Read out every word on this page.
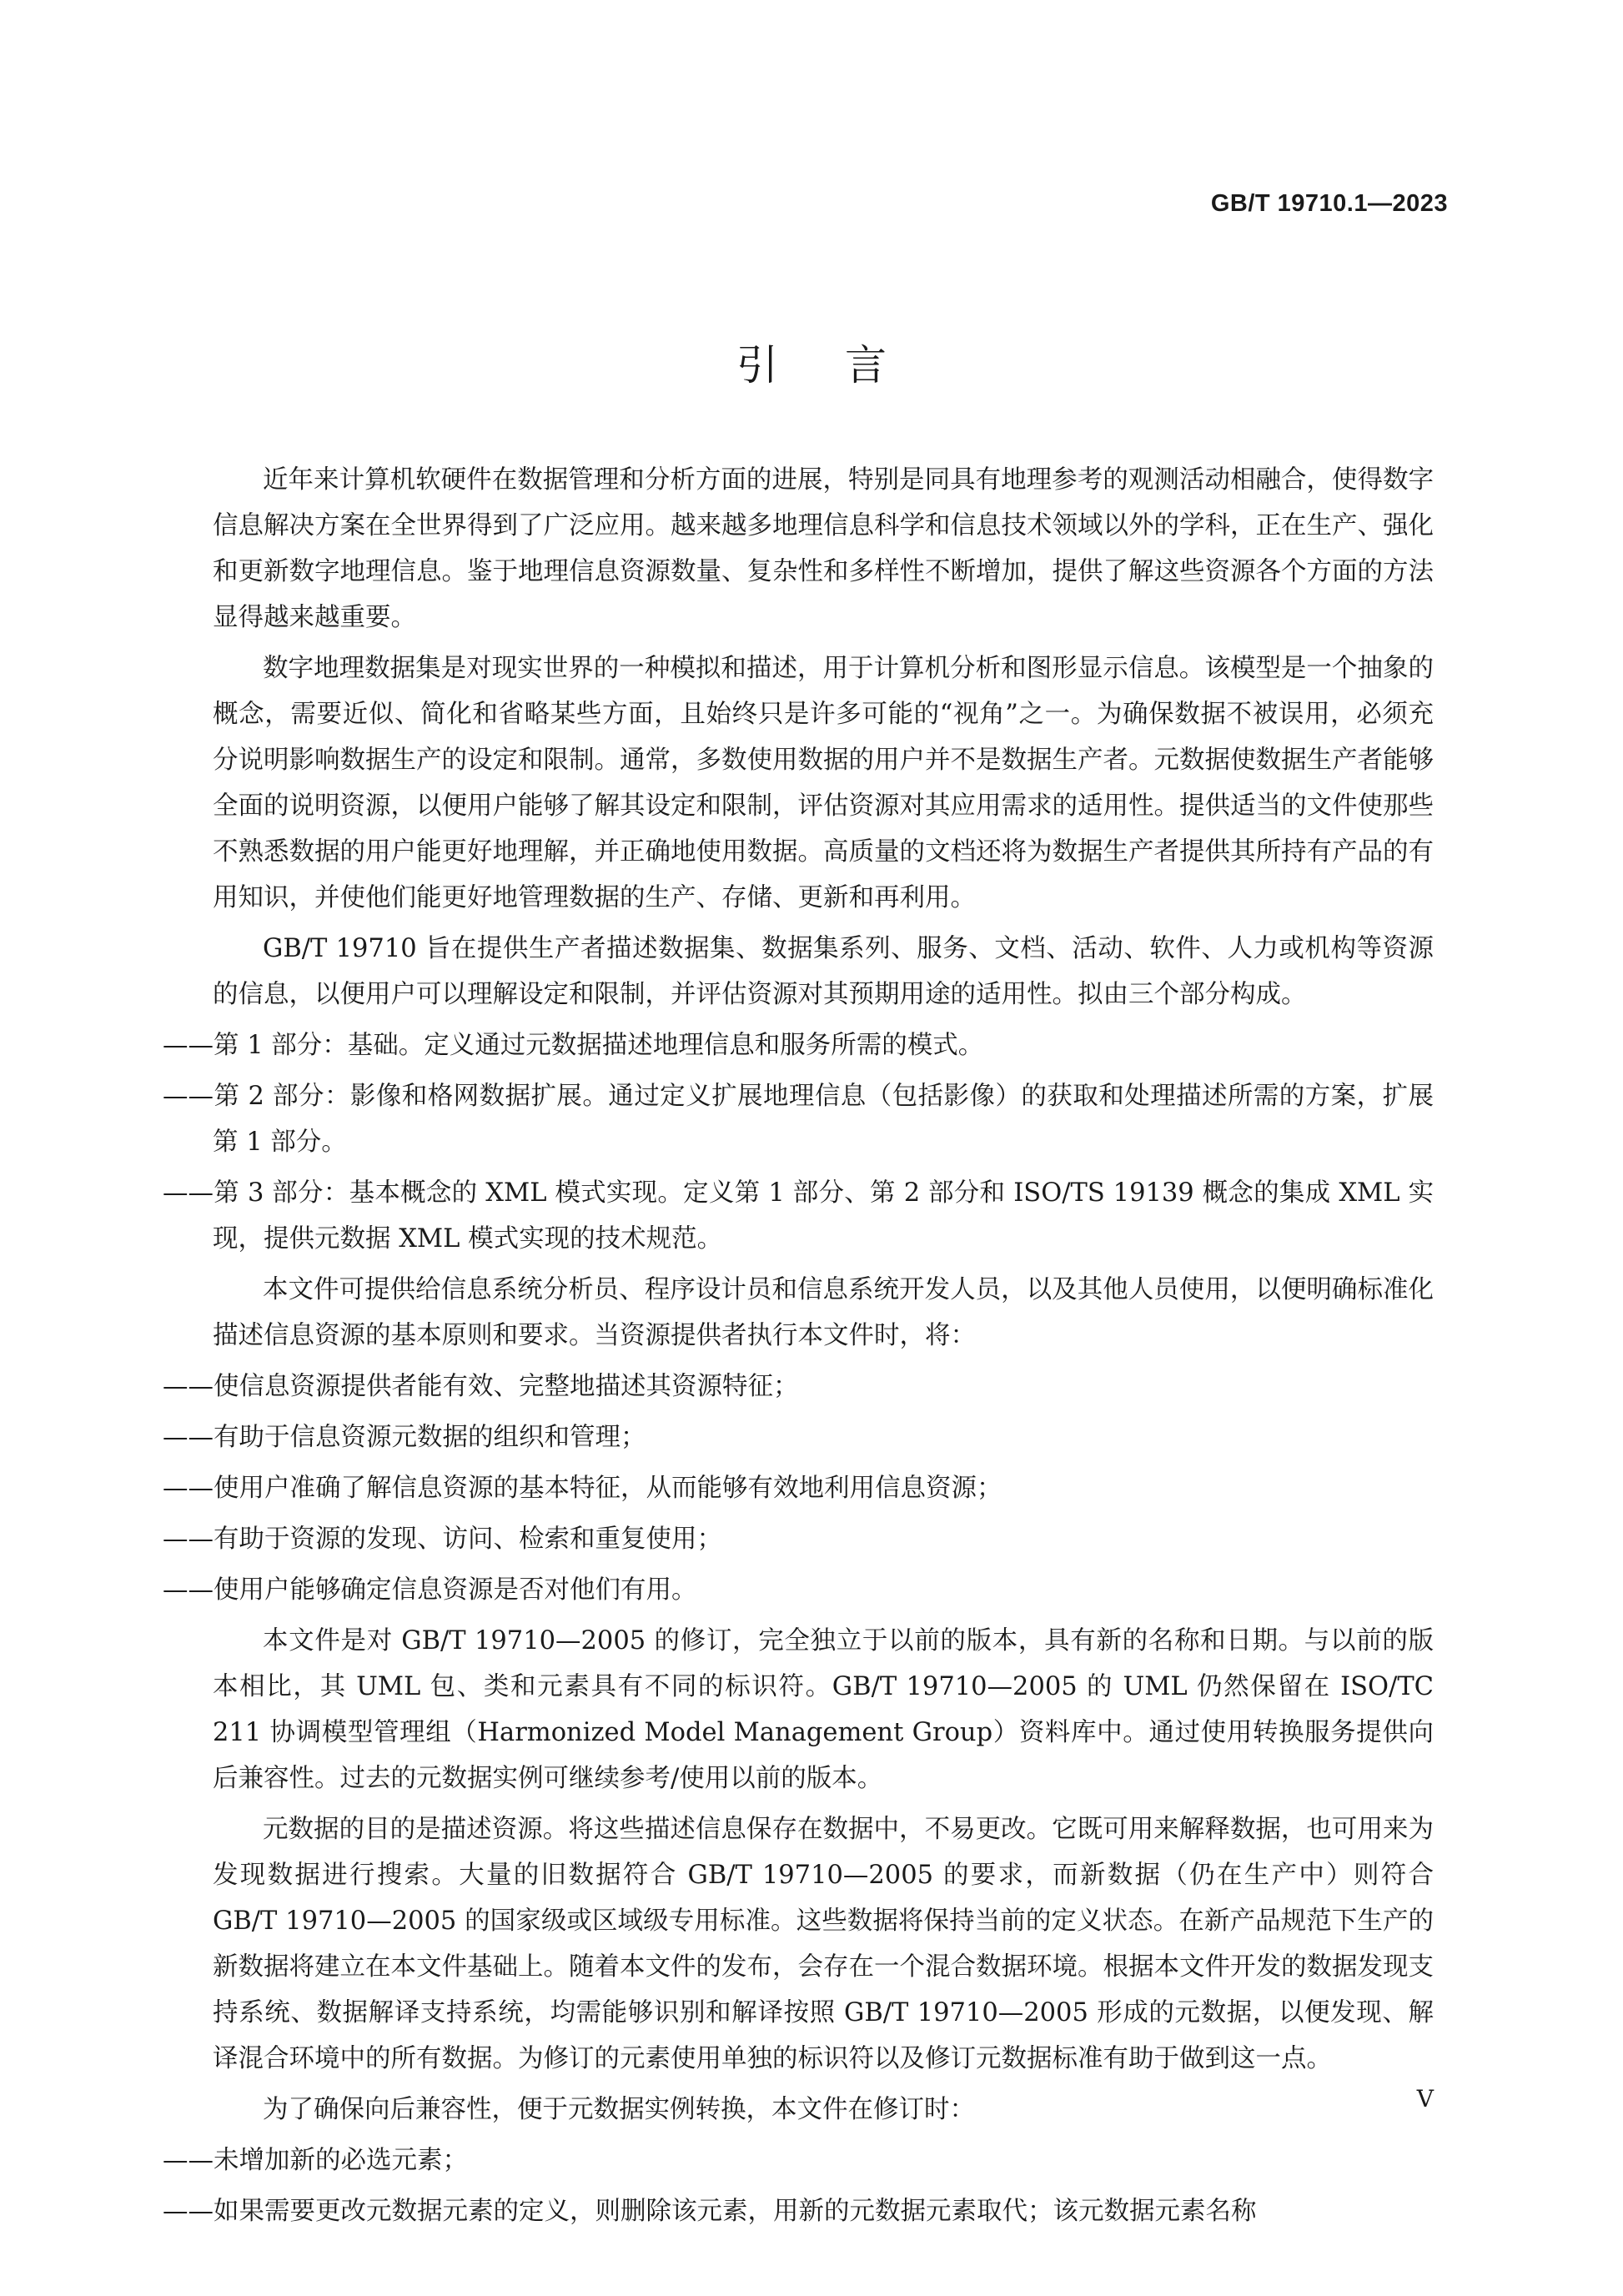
GB/T 19710.1—2023
引言

近年来计算机软硬件在数据管理和分析方面的进展，特别是同具有地理参考的观测活动相融合，使得数字信息解决方案在全世界得到了广泛应用。越来越多地理信息科学和信息技术领域以外的学科，正在生产、强化和更新数字地理信息。鉴于地理信息资源数量、复杂性和多样性不断增加，提供了解这些资源各个方面的方法显得越来越重要。

数字地理数据集是对现实世界的一种模拟和描述，用于计算机分析和图形显示信息。该模型是一个抽象的概念，需要近似、简化和省略某些方面，且始终只是许多可能的“视角”之一。为确保数据不被误用，必须充分说明影响数据生产的设定和限制。通常，多数使用数据的用户并不是数据生产者。元数据使数据生产者能够全面的说明资源，以便用户能够了解其设定和限制，评估资源对其应用需求的适用性。提供适当的文件使那些不熟悉数据的用户能更好地理解，并正确地使用数据。高质量的文档还将为数据生产者提供其所持有产品的有用知识，并使他们能更好地管理数据的生产、存储、更新和再利用。

GB/T 19710 旨在提供生产者描述数据集、数据集系列、服务、文档、活动、软件、人力或机构等资源的信息，以便用户可以理解设定和限制，并评估资源对其预期用途的适用性。拟由三个部分构成。

——第 1 部分：基础。定义通过元数据描述地理信息和服务所需的模式。

——第 2 部分：影像和格网数据扩展。通过定义扩展地理信息（包括影像）的获取和处理描述所需的方案，扩展第 1 部分。

——第 3 部分：基本概念的 XML 模式实现。定义第 1 部分、第 2 部分和 ISO/TS 19139 概念的集成 XML 实现，提供元数据 XML 模式实现的技术规范。

本文件可提供给信息系统分析员、程序设计员和信息系统开发人员，以及其他人员使用，以便明确标准化描述信息资源的基本原则和要求。当资源提供者执行本文件时，将：

——使信息资源提供者能有效、完整地描述其资源特征；

——有助于信息资源元数据的组织和管理；

——使用户准确了解信息资源的基本特征，从而能够有效地利用信息资源；

——有助于资源的发现、访问、检索和重复使用；

——使用户能够确定信息资源是否对他们有用。

本文件是对 GB/T 19710—2005 的修订，完全独立于以前的版本，具有新的名称和日期。与以前的版本相比，其 UML 包、类和元素具有不同的标识符。GB/T 19710—2005 的 UML 仍然保留在 ISO/TC 211 协调模型管理组（Harmonized Model Management Group）资料库中。通过使用转换服务提供向后兼容性。过去的元数据实例可继续参考/使用以前的版本。

元数据的目的是描述资源。将这些描述信息保存在数据中，不易更改。它既可用来解释数据，也可用来为发现数据进行搜索。大量的旧数据符合 GB/T 19710—2005 的要求，而新数据（仍在生产中）则符合 GB/T 19710—2005 的国家级或区域级专用标准。这些数据将保持当前的定义状态。在新产品规范下生产的新数据将建立在本文件基础上。随着本文件的发布，会存在一个混合数据环境。根据本文件开发的数据发现支持系统、数据解译支持系统，均需能够识别和解译按照 GB/T 19710—2005 形成的元数据，以便发现、解译混合环境中的所有数据。为修订的元素使用单独的标识符以及修订元数据标准有助于做到这一点。

为了确保向后兼容性，便于元数据实例转换，本文件在修订时：

——未增加新的必选元素；

——如果需要更改元数据元素的定义，则删除该元素，用新的元数据元素取代；该元数据元素名称

V
